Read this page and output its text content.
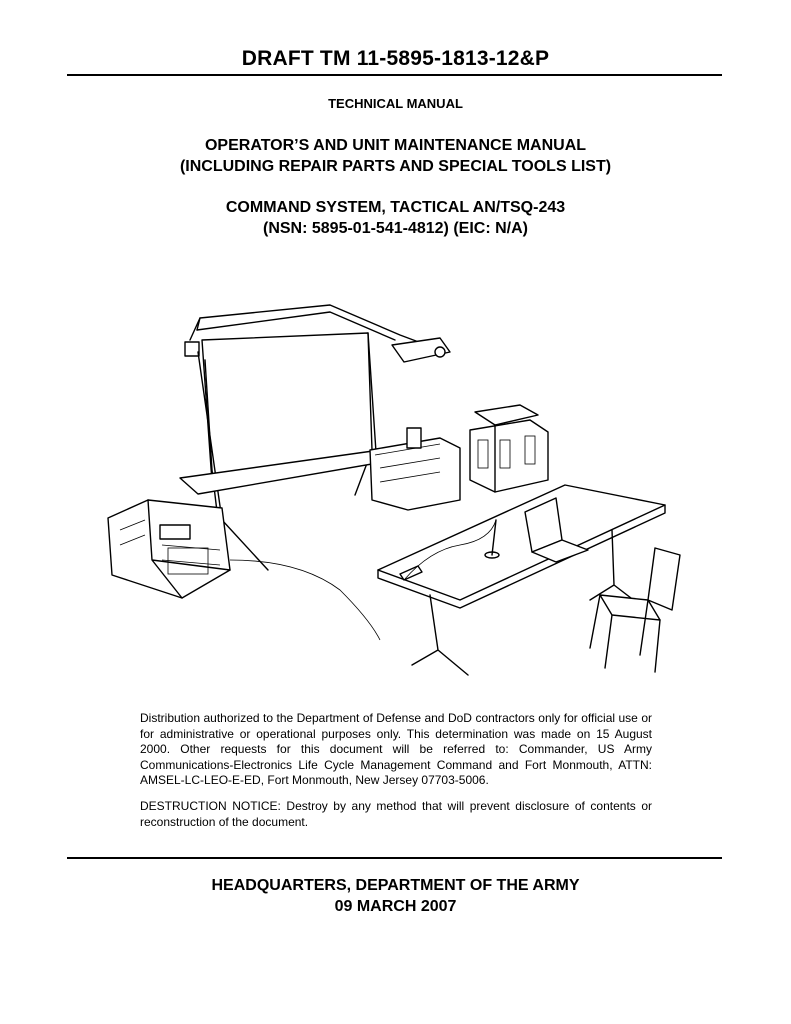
DRAFT TM 11-5895-1813-12&P
TECHNICAL MANUAL
OPERATOR’S AND UNIT MAINTENANCE MANUAL
(INCLUDING REPAIR PARTS AND SPECIAL TOOLS LIST)
COMMAND SYSTEM, TACTICAL AN/TSQ-243
(NSN: 5895-01-541-4812) (EIC: N/A)
Distribution authorized to the Department of Defense and DoD contractors only for official use or for administrative or operational purposes only. This determination was made on 15 August 2000. Other requests for this document will be referred to: Commander, US Army Communications-Electronics Life Cycle Management Command and Fort Monmouth, ATTN: AMSEL-LC-LEO-E-ED, Fort Monmouth, New Jersey 07703-5006.
DESTRUCTION NOTICE: Destroy by any method that will prevent disclosure of contents or reconstruction of the document.
HEADQUARTERS, DEPARTMENT OF THE ARMY
09 MARCH 2007
